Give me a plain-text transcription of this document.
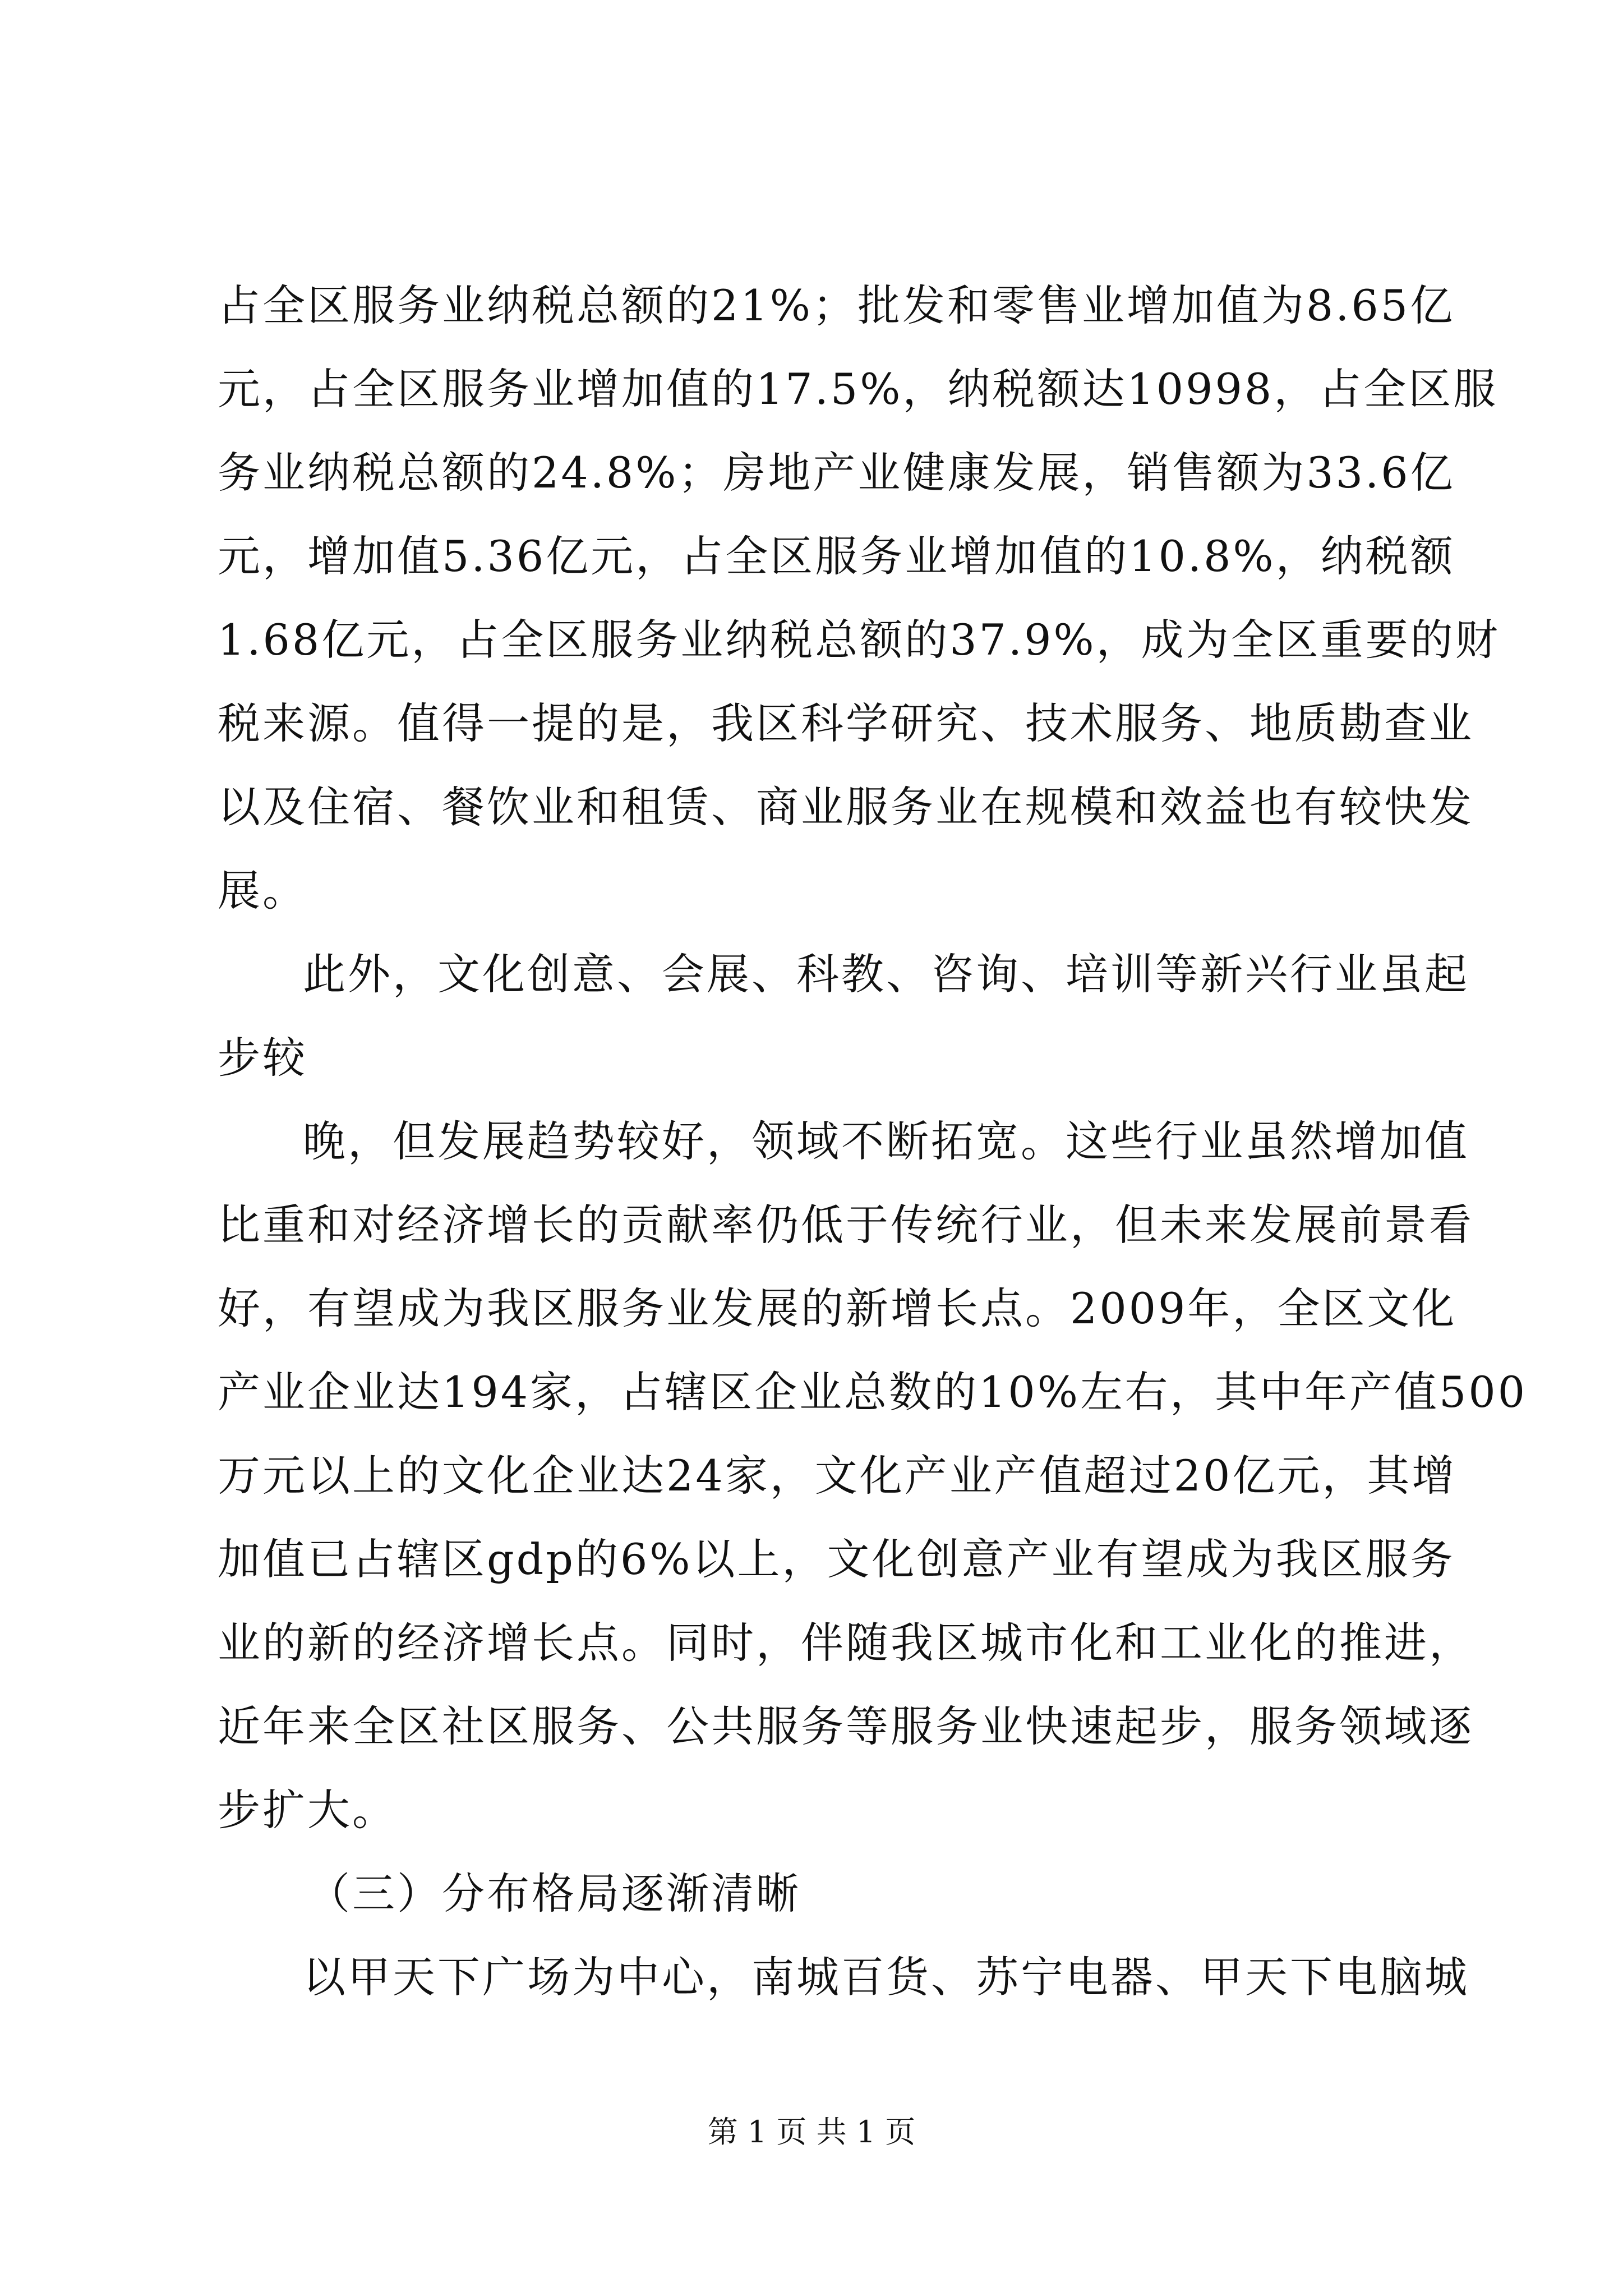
占全区服务业纳税总额的21%；批发和零售业增加值为8.65亿
元，占全区服务业增加值的17.5%，纳税额达10998，占全区服
务业纳税总额的24.8%；房地产业健康发展，销售额为33.6亿
元，增加值5.36亿元，占全区服务业增加值的10.8%，纳税额
1.68亿元，占全区服务业纳税总额的37.9%，成为全区重要的财
税来源。值得一提的是，我区科学研究、技术服务、地质勘查业
以及住宿、餐饮业和租赁、商业服务业在规模和效益也有较快发
展。
此外，文化创意、会展、科教、咨询、培训等新兴行业虽起
步较
晚，但发展趋势较好，领域不断拓宽。这些行业虽然增加值
比重和对经济增长的贡献率仍低于传统行业，但未来发展前景看
好，有望成为我区服务业发展的新增长点。2009年，全区文化
产业企业达194家，占辖区企业总数的10%左右，其中年产值500
万元以上的文化企业达24家，文化产业产值超过20亿元，其增
加值已占辖区gdp的6%以上，文化创意产业有望成为我区服务
业的新的经济增长点。同时，伴随我区城市化和工业化的推进，
近年来全区社区服务、公共服务等服务业快速起步，服务领域逐
步扩大。
（三）分布格局逐渐清晰
以甲天下广场为中心，南城百货、苏宁电器、甲天下电脑城
第 1 页 共 1 页
